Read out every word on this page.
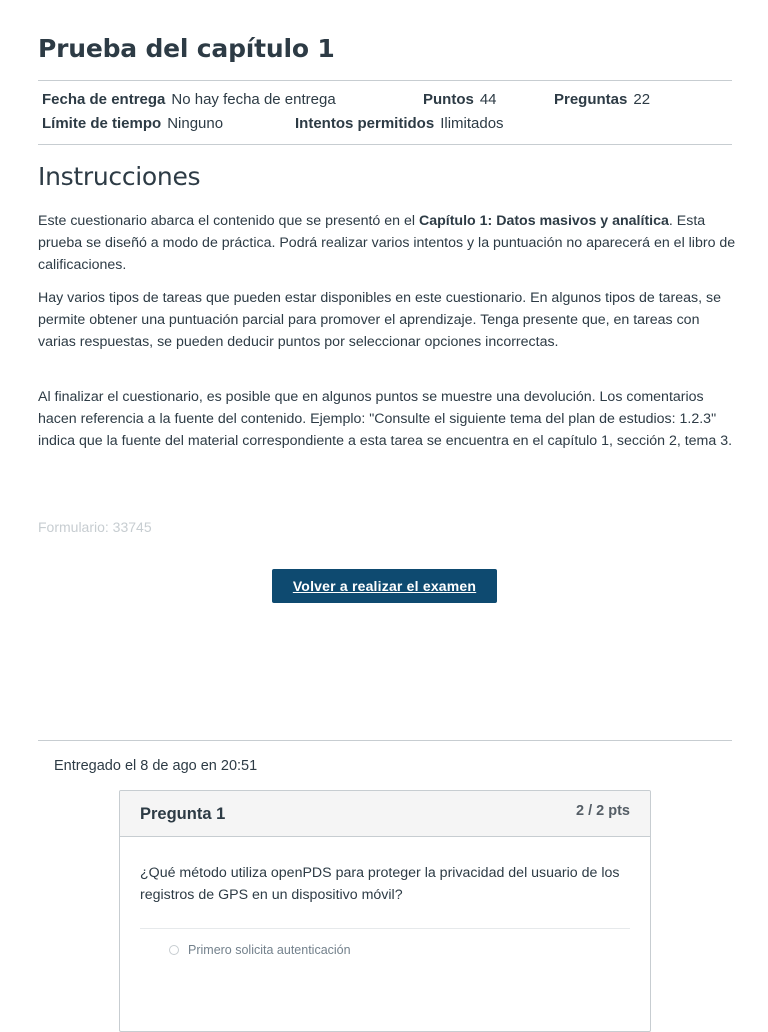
Prueba del capítulo 1
Fecha de entrega No hay fecha de entrega	Puntos 44	Preguntas 22
Límite de tiempo Ninguno	Intentos permitidos Ilimitados
Instrucciones

Este cuestionario abarca el contenido que se presentó en el Capítulo 1: Datos masivos y analítica. Esta prueba se diseñó a modo de práctica. Podrá realizar varios intentos y la puntuación no aparecerá en el libro de calificaciones.

Hay varios tipos de tareas que pueden estar disponibles en este cuestionario. En algunos tipos de tareas, se permite obtener una puntuación parcial para promover el aprendizaje. Tenga presente que, en tareas con varias respuestas, se pueden deducir puntos por seleccionar opciones incorrectas.

Al finalizar el cuestionario, es posible que en algunos puntos se muestre una devolución. Los comentarios hacen referencia a la fuente del contenido. Ejemplo: "Consulte el siguiente tema del plan de estudios: 1.2.3" indica que la fuente del material correspondiente a esta tarea se encuentra en el capítulo 1, sección 2, tema 3.

Formulario: 33745
Volver a realizar el examen
Entregado el 8 de ago en 20:51
Pregunta 1	2 / 2 pts

¿Qué método utiliza openPDS para proteger la privacidad del usuario de los registros de GPS en un dispositivo móvil?

Primero solicita autenticación
